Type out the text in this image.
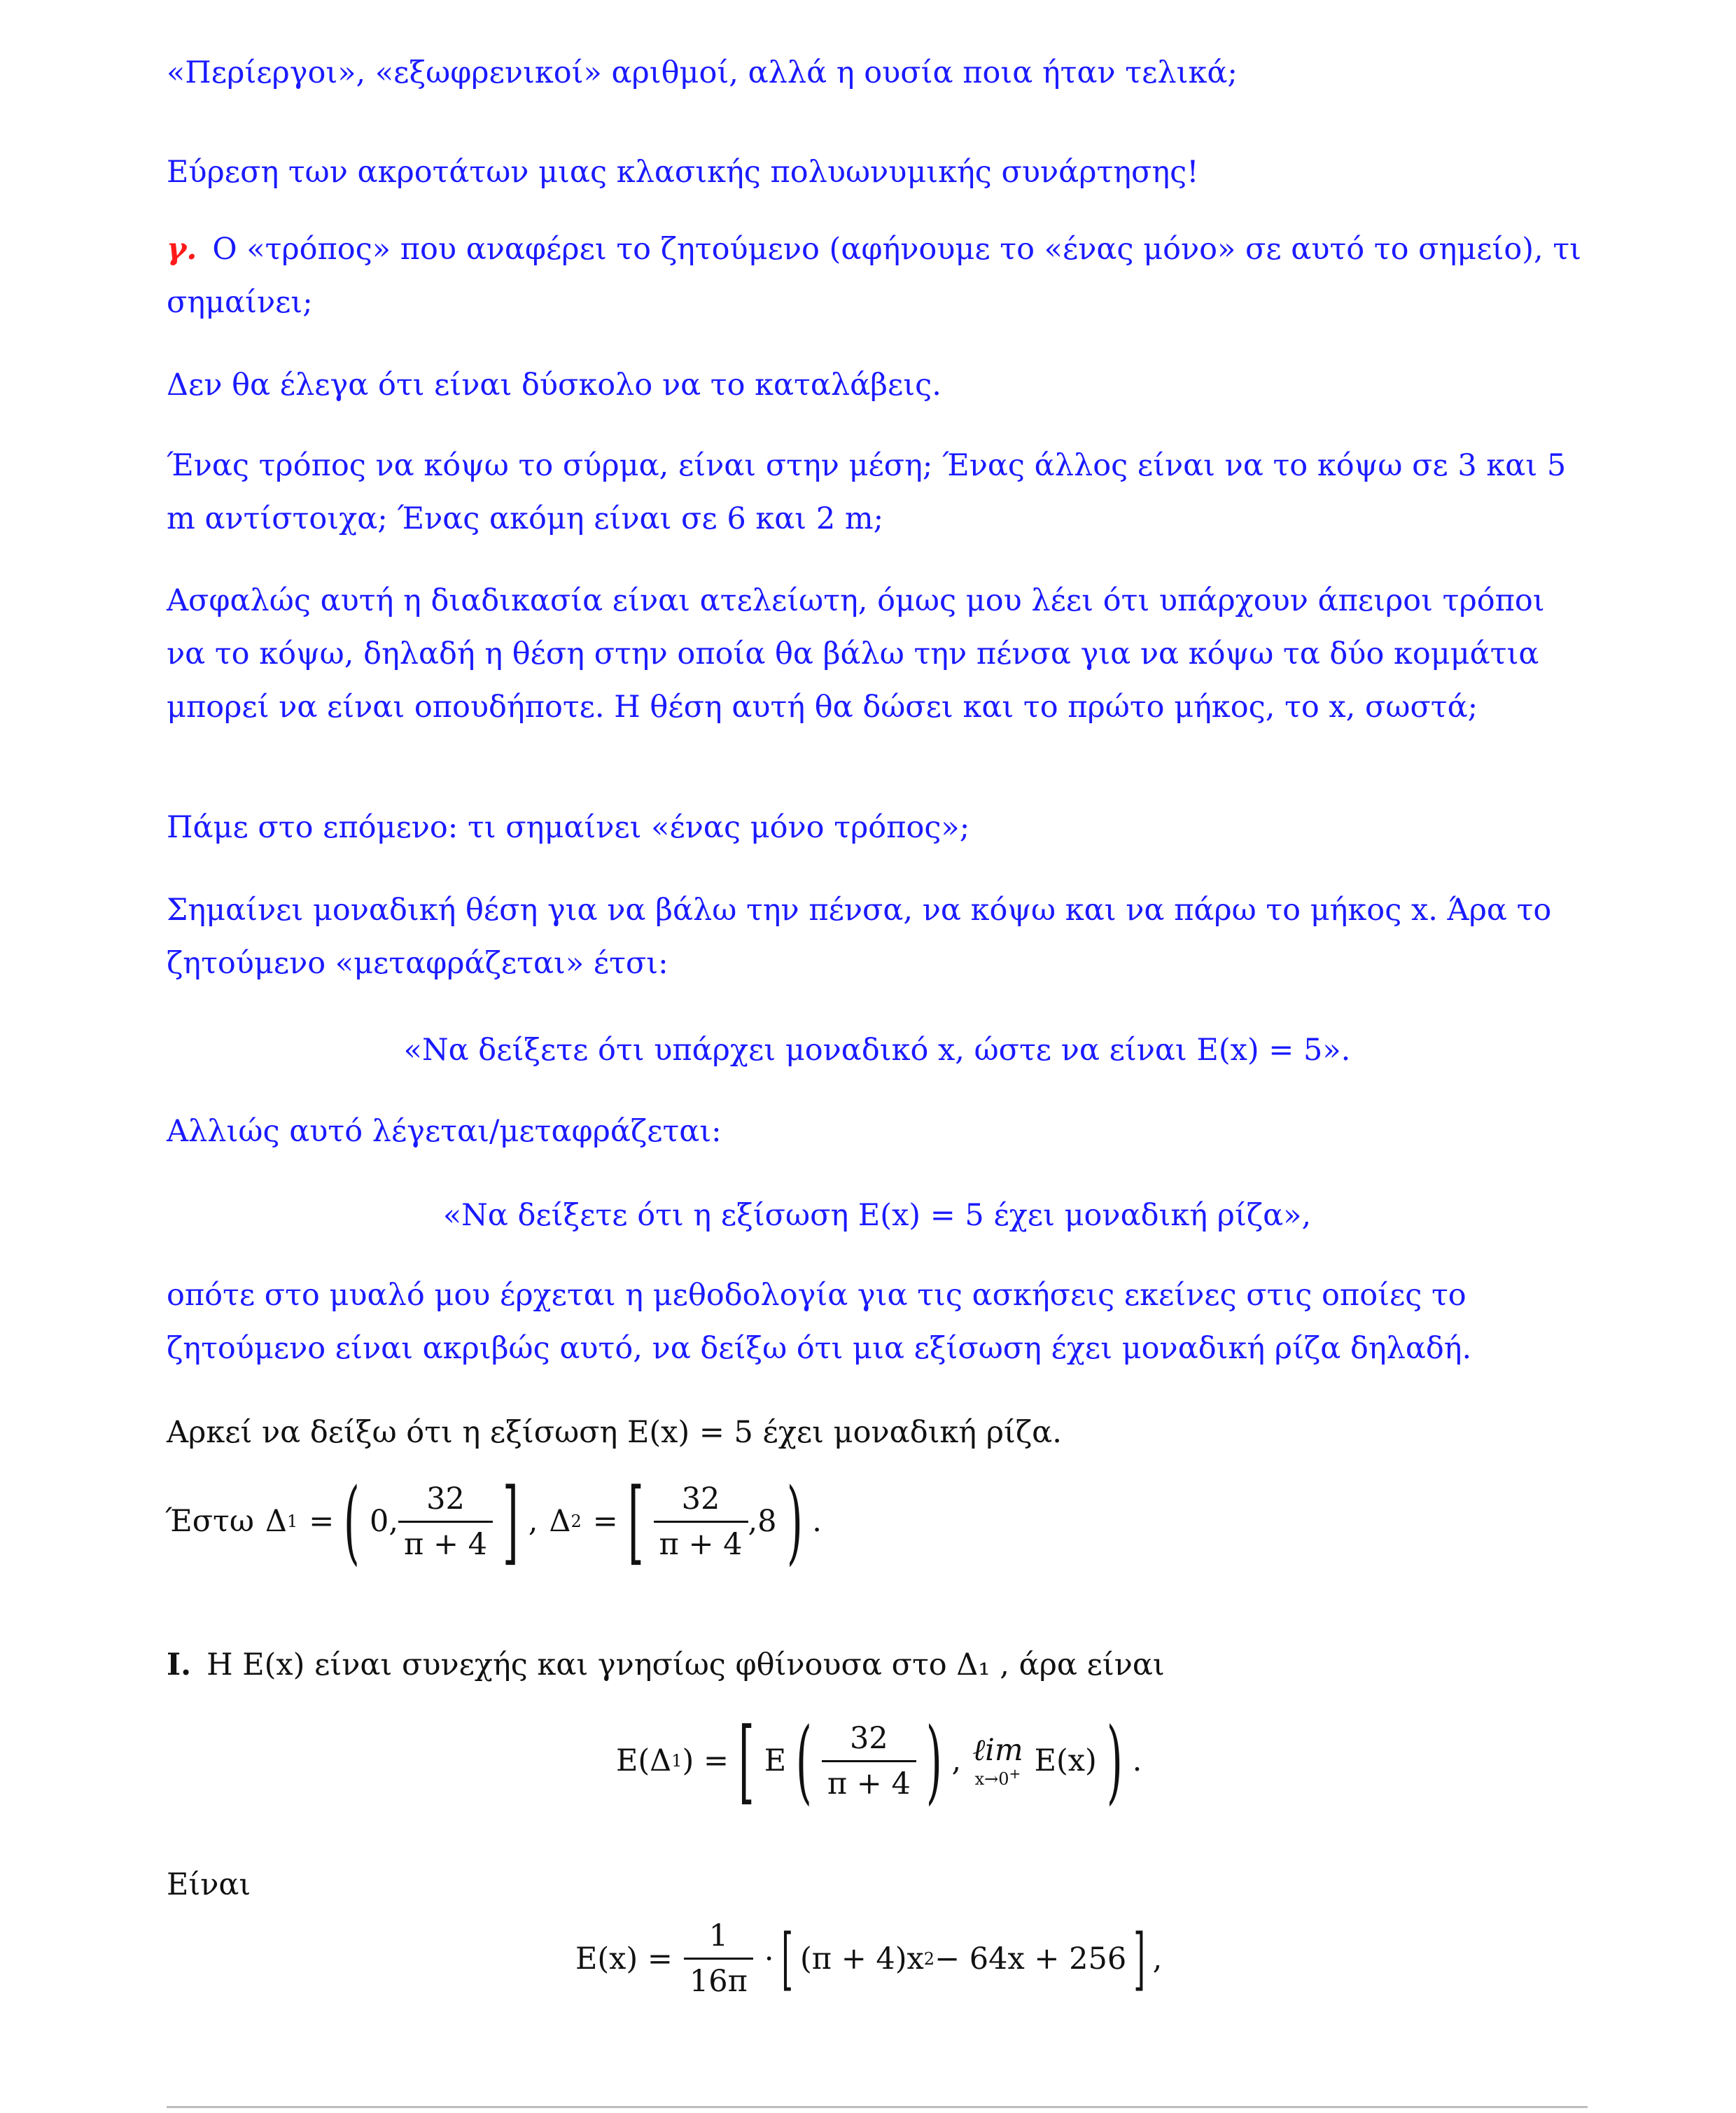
«Περίεργοι», «εξωφρενικοί» αριθμοί, αλλά η ουσία ποια ήταν τελικά;
Εύρεση των ακροτάτων μιας κλασικής πολυωνυμικής συνάρτησης!
γ. Ο «τρόπος» που αναφέρει το ζητούμενο (αφήνουμε το «ένας μόνο» σε αυτό το σημείο), τι σημαίνει;
Δεν θα έλεγα ότι είναι δύσκολο να το καταλάβεις.
Ένας τρόπος να κόψω το σύρμα, είναι στην μέση; Ένας άλλος είναι να το κόψω σε 3 και 5 m αντίστοιχα; Ένας ακόμη είναι σε 6 και 2 m;
Ασφαλώς αυτή η διαδικασία είναι ατελείωτη, όμως μου λέει ότι υπάρχουν άπειροι τρόποι να το κόψω, δηλαδή η θέση στην οποία θα βάλω την πένσα για να κόψω τα δύο κομμάτια μπορεί να είναι οπουδήποτε. Η θέση αυτή θα δώσει και το πρώτο μήκος, το x, σωστά;
Πάμε στο επόμενο: τι σημαίνει «ένας μόνο τρόπος»;
Σημαίνει μοναδική θέση για να βάλω την πένσα, να κόψω και να πάρω το μήκος x. Άρα το ζητούμενο «μεταφράζεται» έτσι:
«Να δείξετε ότι υπάρχει μοναδικό x, ώστε να είναι E(x) = 5».
Αλλιώς αυτό λέγεται/μεταφράζεται:
«Να δείξετε ότι η εξίσωση E(x) = 5 έχει μοναδική ρίζα»,
οπότε στο μυαλό μου έρχεται η μεθοδολογία για τις ασκήσεις εκείνες στις οποίες το ζητούμενο είναι ακριβώς αυτό, να δείξω ότι μια εξίσωση έχει μοναδική ρίζα δηλαδή.
Αρκεί να δείξω ότι η εξίσωση E(x) = 5 έχει μοναδική ρίζα.
Έστω Δ 1 = ( 0, $\frac{32}{\pi + 4}$ ] , Δ 2 = [ $\frac{32}{\pi + 4} ,8$ ) .
I. Η E(x) είναι συνεχής και γνησίως φθίνουσα στο Δ₁ , άρα είναι
E(Δ 1 ) = [ E ( $\frac{32}{\pi + 4}$ ) , ℓim
x→0+ E(x) ) .
Είναι
$E(x) = \frac{1}{16\pi}$ · [ (π + 4)x 2 − 64x + 256 ] ,
